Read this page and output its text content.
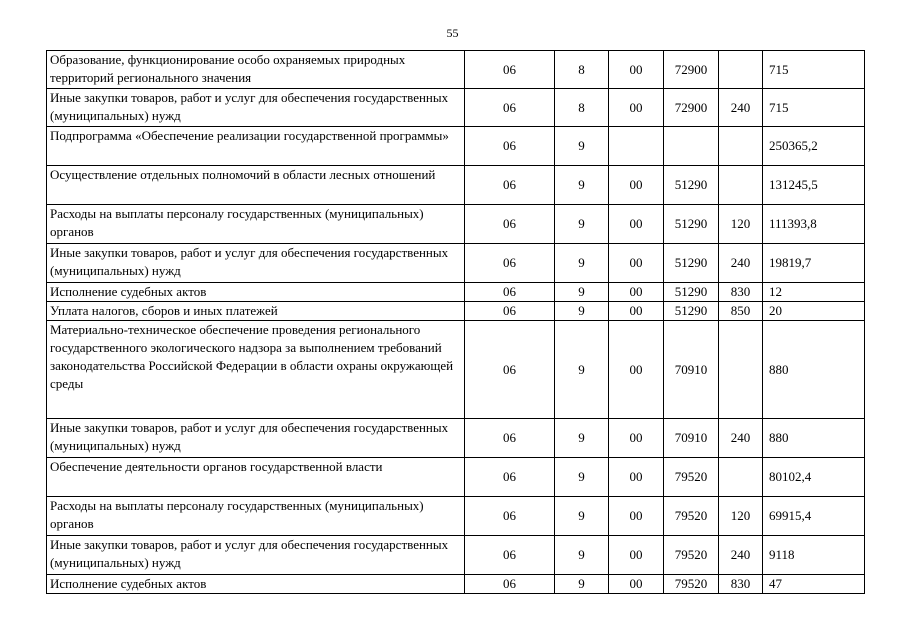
55
Образование, функционирование особо охраняемых природных территорий регионального значения	06	8	00	72900		715
Иные закупки товаров, работ и услуг для обеспечения государственных (муниципальных) нужд	06	8	00	72900	240	715
Подпрограмма «Обеспечение реализации государственной программы»	06	9				250365,2
Осуществление отдельных полномочий в области лесных отношений	06	9	00	51290		131245,5
Расходы на выплаты персоналу государственных (муниципальных) органов	06	9	00	51290	120	111393,8
Иные закупки товаров, работ и услуг для обеспечения государственных (муниципальных) нужд	06	9	00	51290	240	19819,7
Исполнение судебных актов	06	9	00	51290	830	12
Уплата налогов, сборов и иных платежей	06	9	00	51290	850	20
Материально-техническое обеспечение проведения регионального государственного экологического надзора за выполнением требований законодательства Российской Федерации в области охраны окружающей среды	06	9	00	70910		880
Иные закупки товаров, работ и услуг для обеспечения государственных (муниципальных) нужд	06	9	00	70910	240	880
Обеспечение деятельности органов государственной власти	06	9	00	79520		80102,4
Расходы на выплаты персоналу государственных (муниципальных) органов	06	9	00	79520	120	69915,4
Иные закупки товаров, работ и услуг для обеспечения государственных (муниципальных) нужд	06	9	00	79520	240	9118
Исполнение судебных актов	06	9	00	79520	830	47
